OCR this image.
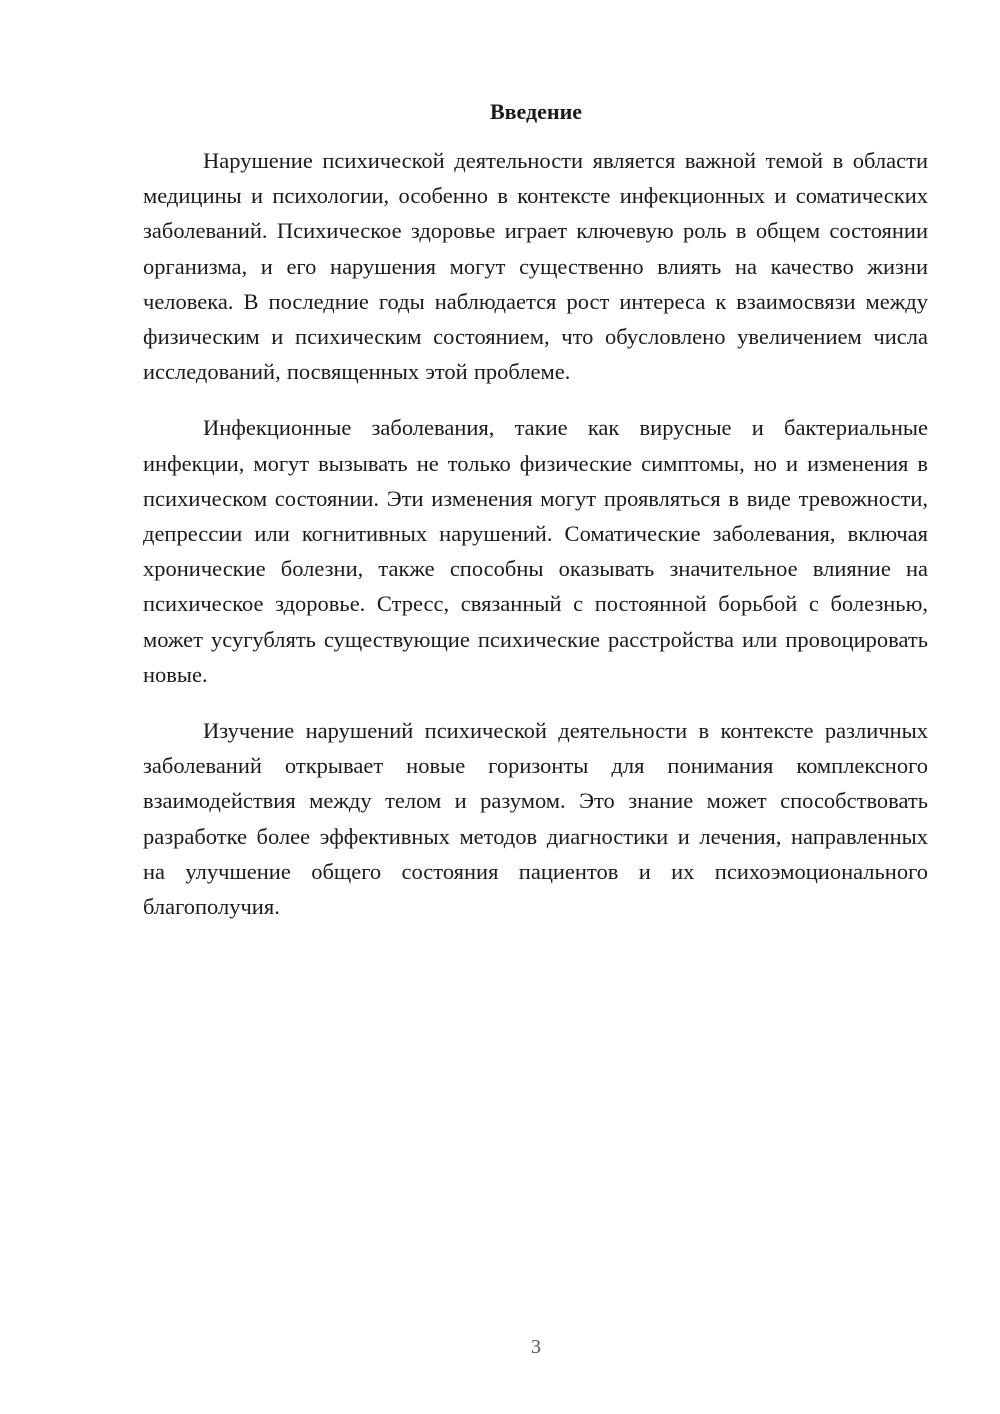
Введение

Нарушение психической деятельности является важной темой в области медицины и психологии, особенно в контексте инфекционных и соматических заболеваний. Психическое здоровье играет ключевую роль в общем состоянии организма, и его нарушения могут существенно влиять на качество жизни человека. В последние годы наблюдается рост интереса к взаимосвязи между физическим и психическим состоянием, что обусловлено увеличением числа исследований, посвященных этой проблеме.

Инфекционные заболевания, такие как вирусные и бактериальные инфекции, могут вызывать не только физические симптомы, но и изменения в психическом состоянии. Эти изменения могут проявляться в виде тревожности, депрессии или когнитивных нарушений. Соматические заболевания, включая хронические болезни, также способны оказывать значительное влияние на психическое здоровье. Стресс, связанный с постоянной борьбой с болезнью, может усугублять существующие психические расстройства или провоцировать новые.

Изучение нарушений психической деятельности в контексте различных заболеваний открывает новые горизонты для понимания комплексного взаимодействия между телом и разумом. Это знание может способствовать разработке более эффективных методов диагностики и лечения, направленных на улучшение общего состояния пациентов и их психоэмоционального благополучия.

3
